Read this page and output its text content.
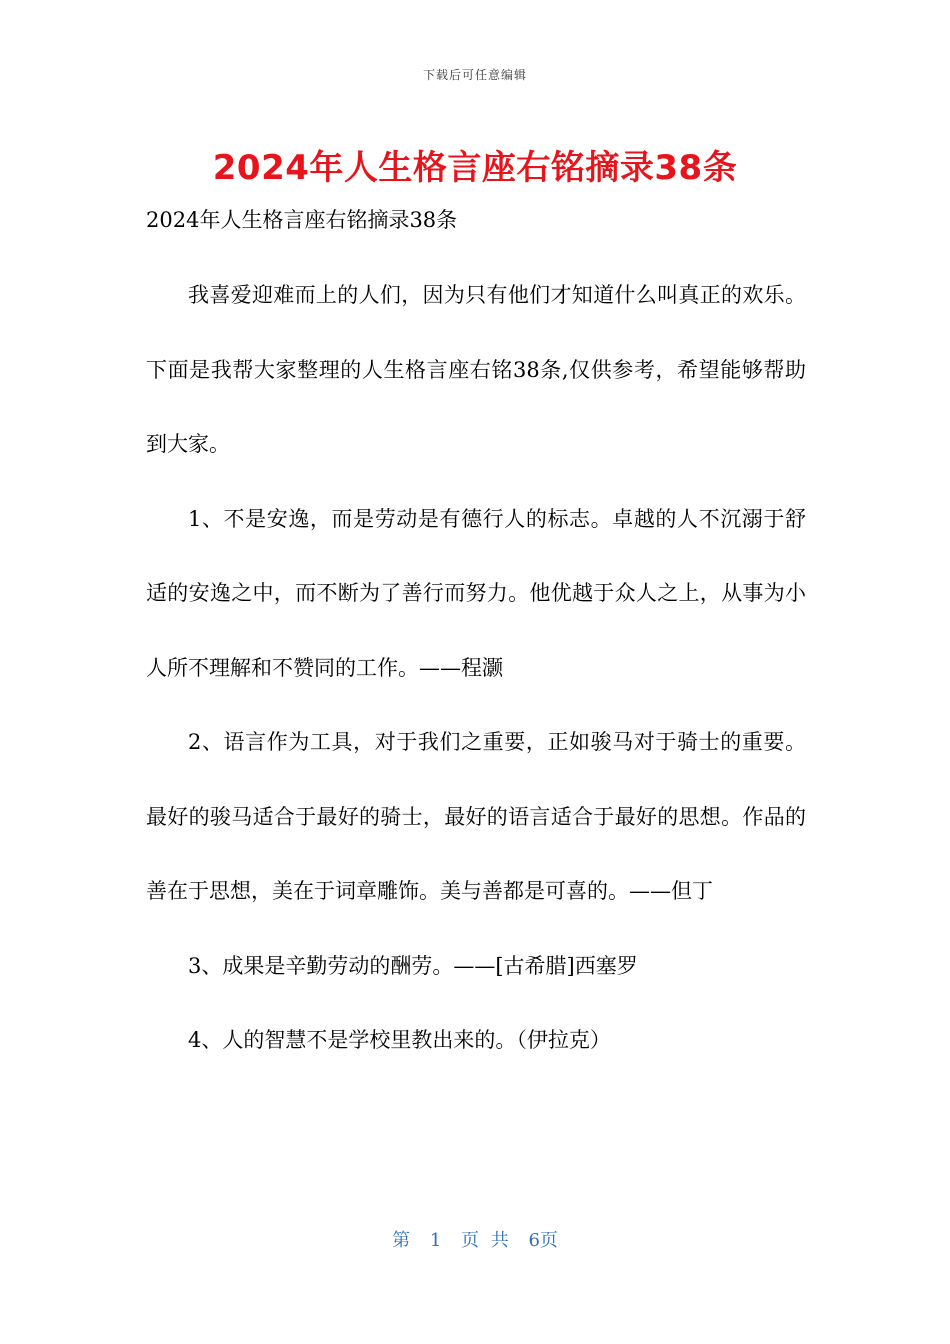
下载后可任意编辑
2024年人生格言座右铭摘录38条
2024年人生格言座右铭摘录38条

我喜爱迎难而上的人们，因为只有他们才知道什么叫真正的欢乐。下面是我帮大家整理的人生格言座右铭38条,仅供参考，希望能够帮助到大家。

1、不是安逸，而是劳动是有德行人的标志。卓越的人不沉溺于舒适的安逸之中，而不断为了善行而努力。他优越于众人之上，从事为小人所不理解和不赞同的工作。——程灏

2、语言作为工具，对于我们之重要，正如骏马对于骑士的重要。最好的骏马适合于最好的骑士，最好的语言适合于最好的思想。作品的善在于思想，美在于词章雕饰。美与善都是可喜的。——但丁

3、成果是辛勤劳动的酬劳。——[古希腊]西塞罗

4、人的智慧不是学校里教出来的。（伊拉克）

第 1 页 共 6页
